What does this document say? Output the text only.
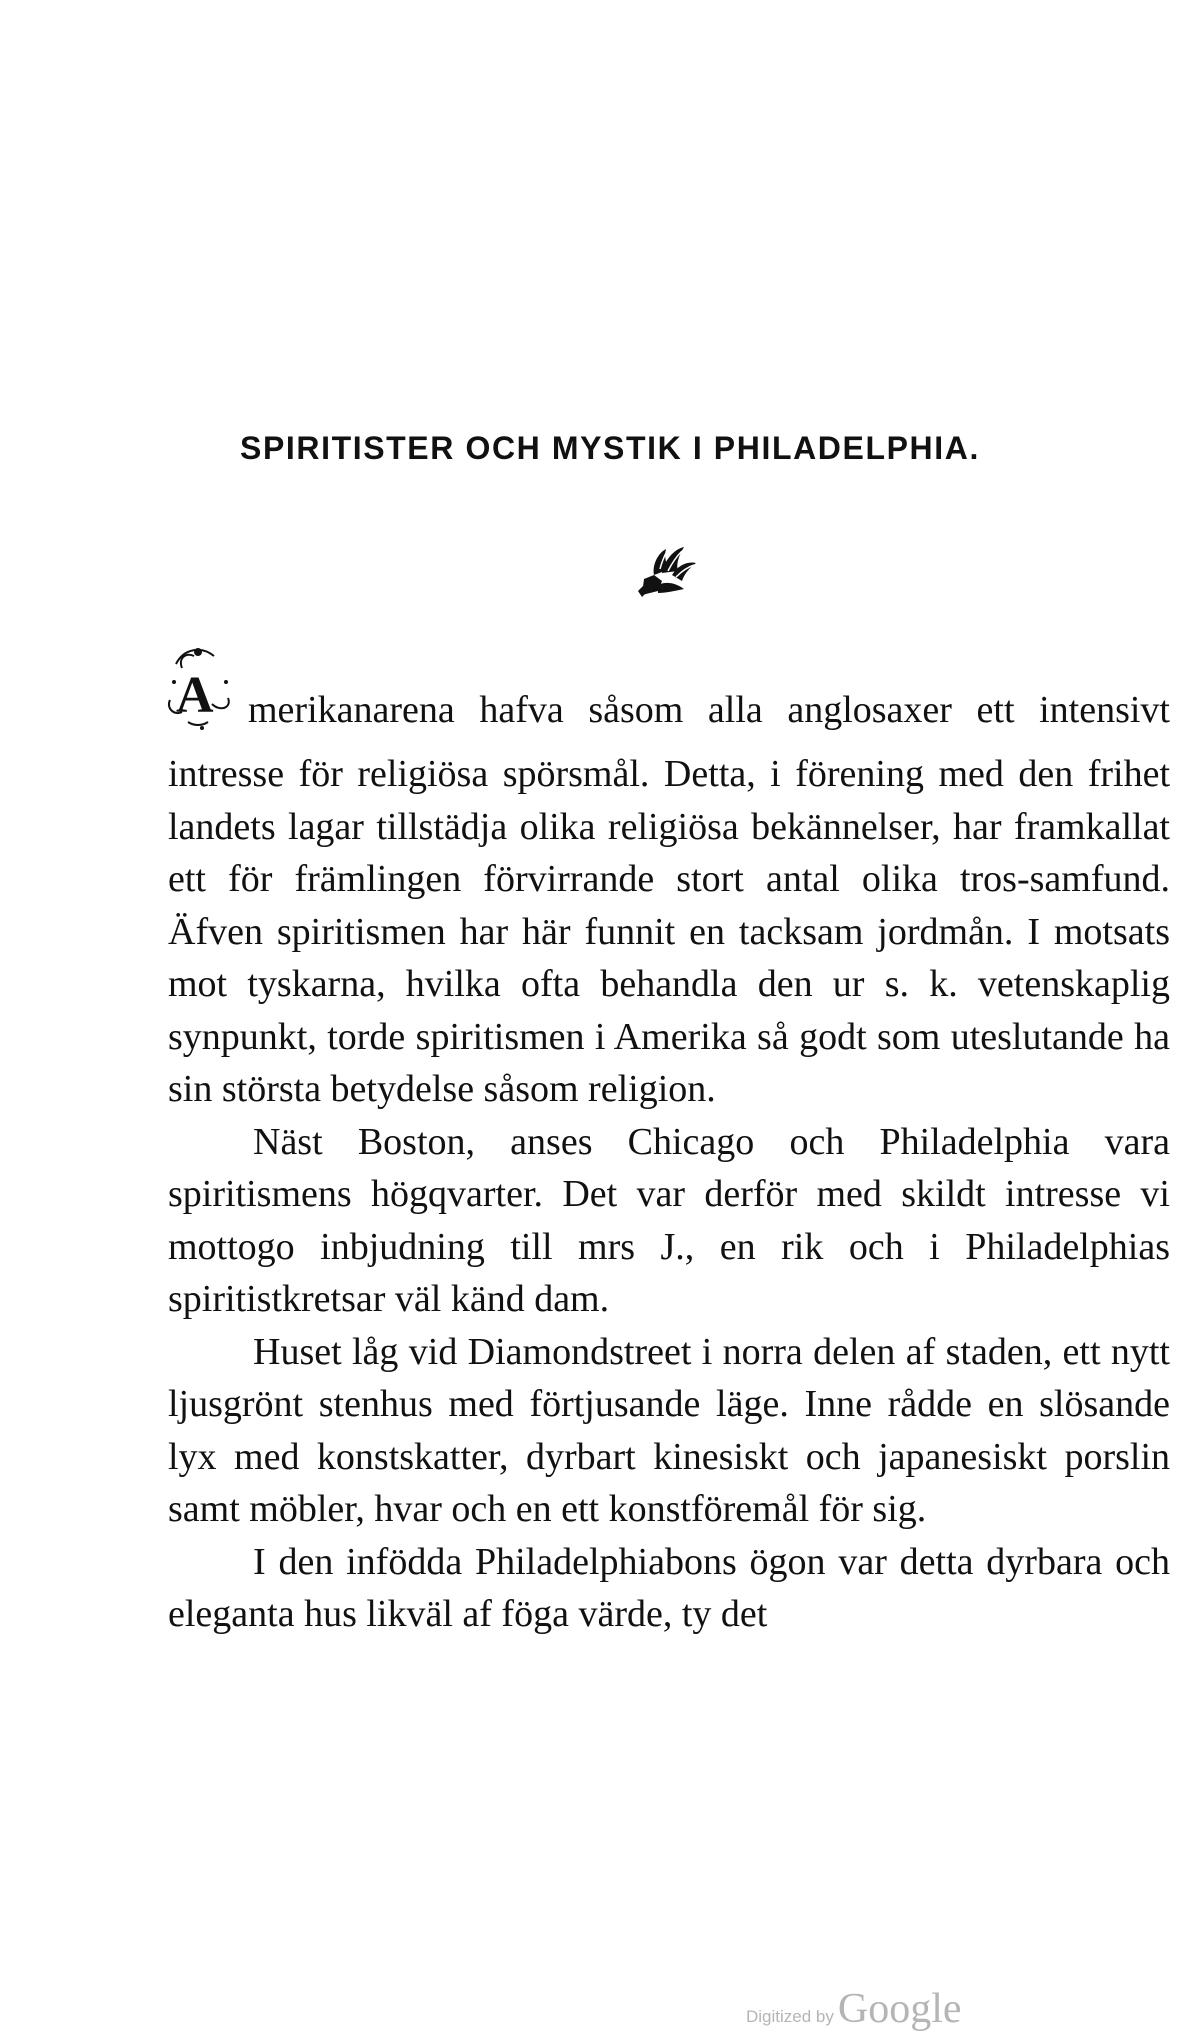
SPIRITISTER OCH MYSTIK I PHILADELPHIA.

A merikanarena hafva såsom alla anglosaxer ett intensivt intresse för religiösa spörsmål. Detta, i förening med den frihet landets lagar tillstädja olika religiösa bekännelser, har framkallat ett för främlingen förvirrande stort antal olika tros-samfund. Äfven spiritismen har här funnit en tacksam jordmån. I motsats mot tyskarna, hvilka ofta behandla den ur s. k. vetenskaplig synpunkt, torde spiritismen i Amerika så godt som uteslutande ha sin största betydelse såsom religion.

Näst Boston, anses Chicago och Philadelphia vara spiritismens högqvarter. Det var derför med skildt intresse vi mottogo inbjudning till mrs J., en rik och i Philadelphias spiritistkretsar väl känd dam.

Huset låg vid Diamondstreet i norra delen af staden, ett nytt ljusgrönt stenhus med förtjusande läge. Inne rådde en slösande lyx med konstskatter, dyrbart kinesiskt och japanesiskt porslin samt möbler, hvar och en ett konstföremål för sig.

I den infödda Philadelphiabons ögon var detta dyrbara och eleganta hus likväl af föga värde, ty det

Digitized by Google
